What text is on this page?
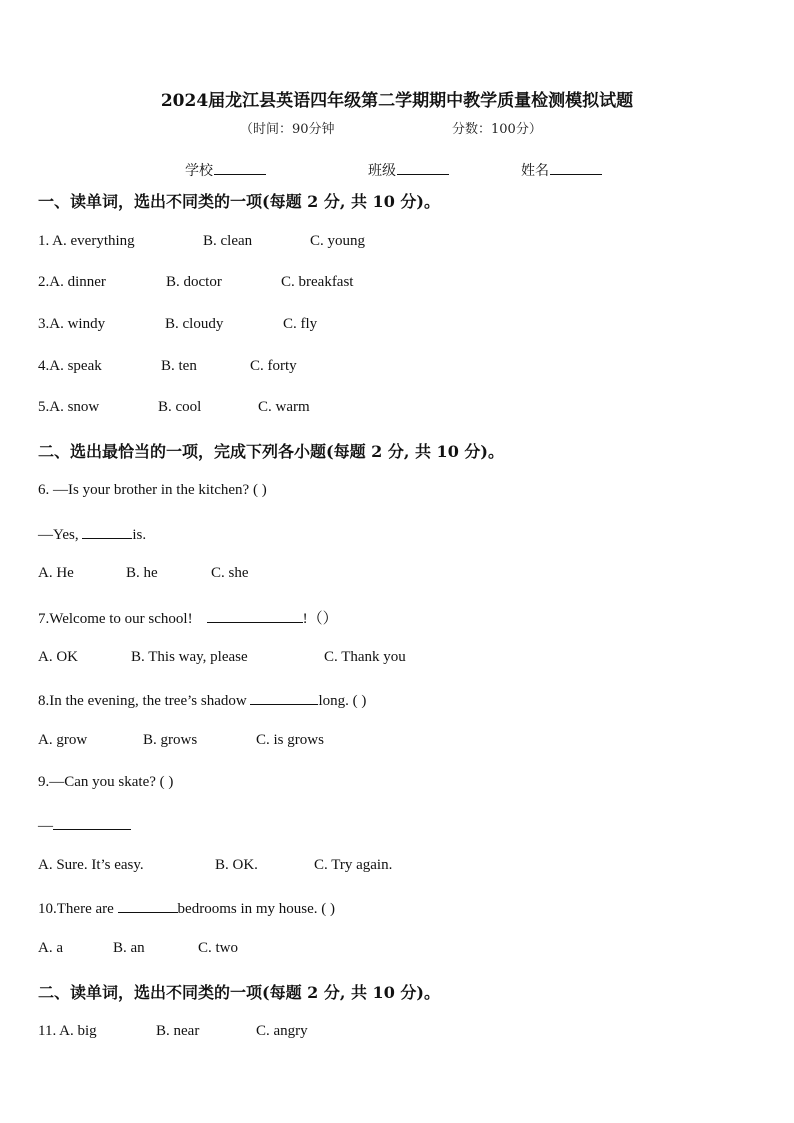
2024届龙江县英语四年级第二学期期中教学质量检测模拟试题
（时间：90分钟	分数：100分）
学校	班级	姓名
一、读单词，选出不同类的一项(每题 2 分, 共 10 分)。
1. A. everything	B. clean	C. young
2.A. dinner	B. doctor	C. breakfast
3.A. windy	B. cloudy	C. fly
4.A. speak	B. ten	C. forty
5.A. snow	B. cool	C. warm
二、选出最恰当的一项，完成下列各小题(每题 2 分, 共 10 分)。
6. —Is your brother in the kitchen? ( )
—Yes,	is.
A. He	B. he	C. she
7.Welcome to our school!	!（）
A. OK	B. This way, please	C. Thank you
8.In the evening, the tree’s shadow	long. ( )
A. grow	B. grows	C. is grows
9.—Can you skate? ( )
—
A. Sure. It’s easy.	B. OK.	C. Try again.
10.There are	bedrooms in my house. ( )
A. a	B. an	C. two
二、读单词，选出不同类的一项(每题 2 分, 共 10 分)。
11. A. big	B. near	C. angry
